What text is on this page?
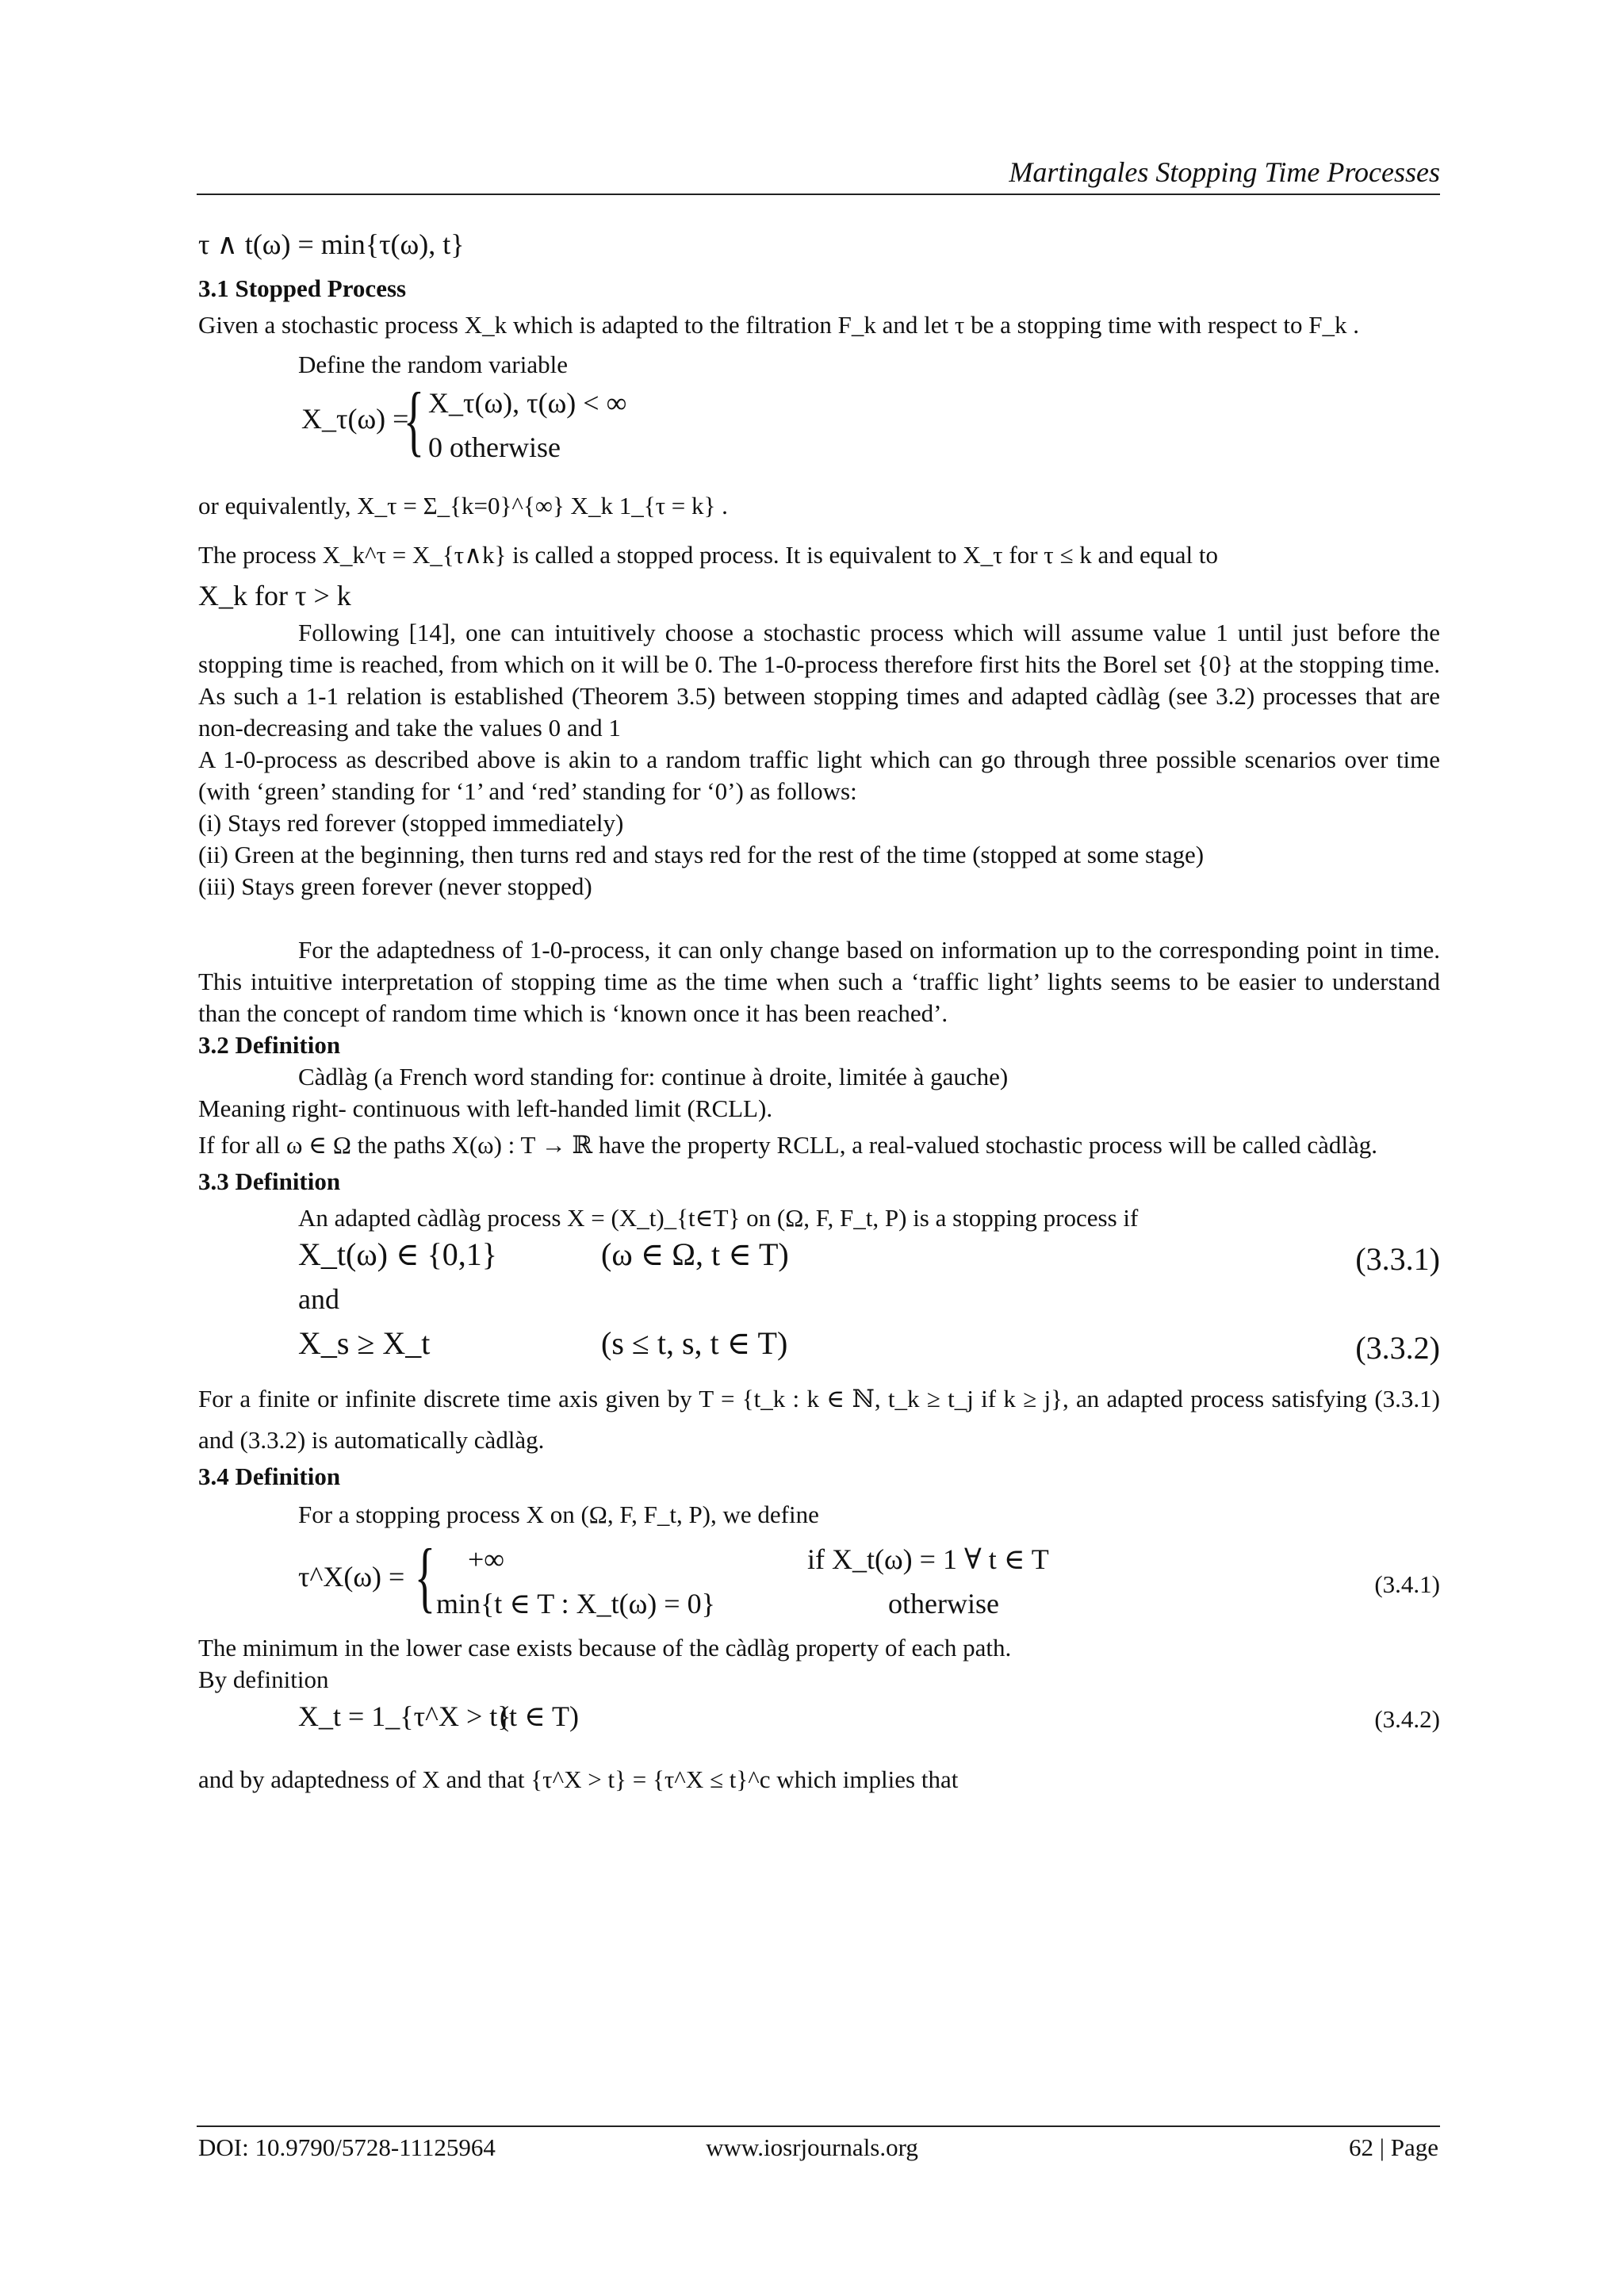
Martingales Stopping Time Processes
τ ∧ t(ω) = min{τ(ω), t}

3.1 Stopped Process

Given a stochastic process X_k which is adapted to the filtration F_k and let τ be a stopping time with respect to F_k .

Define the random variable

X_τ(ω) =
{ X_τ(ω), τ(ω) < ∞
0 otherwise
or equivalently, X_τ = Σ_{k=0}^{∞} X_k 1_{τ = k} .
The process X_k^τ = X_{τ∧k} is called a stopped process. It is equivalent to X_τ for τ ≤ k and equal to
X_k for τ > k

Following [14], one can intuitively choose a stochastic process which will assume value 1 until just before the stopping time is reached, from which on it will be 0. The 1-0-process therefore first hits the Borel set {0} at the stopping time. As such a 1-1 relation is established (Theorem 3.5) between stopping times and adapted càdlàg (see 3.2) processes that are non-decreasing and take the values 0 and 1

A 1-0-process as described above is akin to a random traffic light which can go through three possible scenarios over time (with ‘green’ standing for ‘1’ and ‘red’ standing for ‘0’) as follows:

(i) Stays red forever (stopped immediately)
(ii) Green at the beginning, then turns red and stays red for the rest of the time (stopped at some stage)
(iii) Stays green forever (never stopped)

For the adaptedness of 1-0-process, it can only change based on information up to the corresponding point in time. This intuitive interpretation of stopping time as the time when such a ‘traffic light’ lights seems to be easier to understand than the concept of random time which is ‘known once it has been reached’.

3.2 Definition

Càdlàg (a French word standing for: continue à droite, limitée à gauche)

Meaning right- continuous with left-handed limit (RCLL).

If for all ω ∈ Ω the paths X(ω) : T → ℝ have the property RCLL, a real-valued stochastic process will be called càdlàg.

3.3 Definition

An adapted càdlàg process X = (X_t)_{t∈T} on (Ω, F, F_t, P) is a stopping process if

X_t(ω) ∈ {0,1}	(ω ∈ Ω, t ∈ T)	(3.3.1)
and
X_s ≥ X_t	(s ≤ t, s, t ∈ T)	(3.3.2)

For a finite or infinite discrete time axis given by T = {t_k : k ∈ ℕ, t_k ≥ t_j if k ≥ j}, an adapted process satisfying (3.3.1) and (3.3.2) is automatically càdlàg.

3.4 Definition

For a stopping process X on (Ω, F, F_t, P), we define

τ^X(ω) = { +∞	if X_t(ω) = 1 ∀ t ∈ T
min{t ∈ T : X_t(ω) = 0}	otherwise
(3.4.1)

The minimum in the lower case exists because of the càdlàg property of each path.

By definition

X_t = 1_{τ^X > t}
(t ∈ T)	(3.4.2)

and by adaptedness of X and that {τ^X > t} = {τ^X ≤ t}^c which implies that

DOI: 10.9790/5728-11125964	www.iosrjournals.org	62 | Page
